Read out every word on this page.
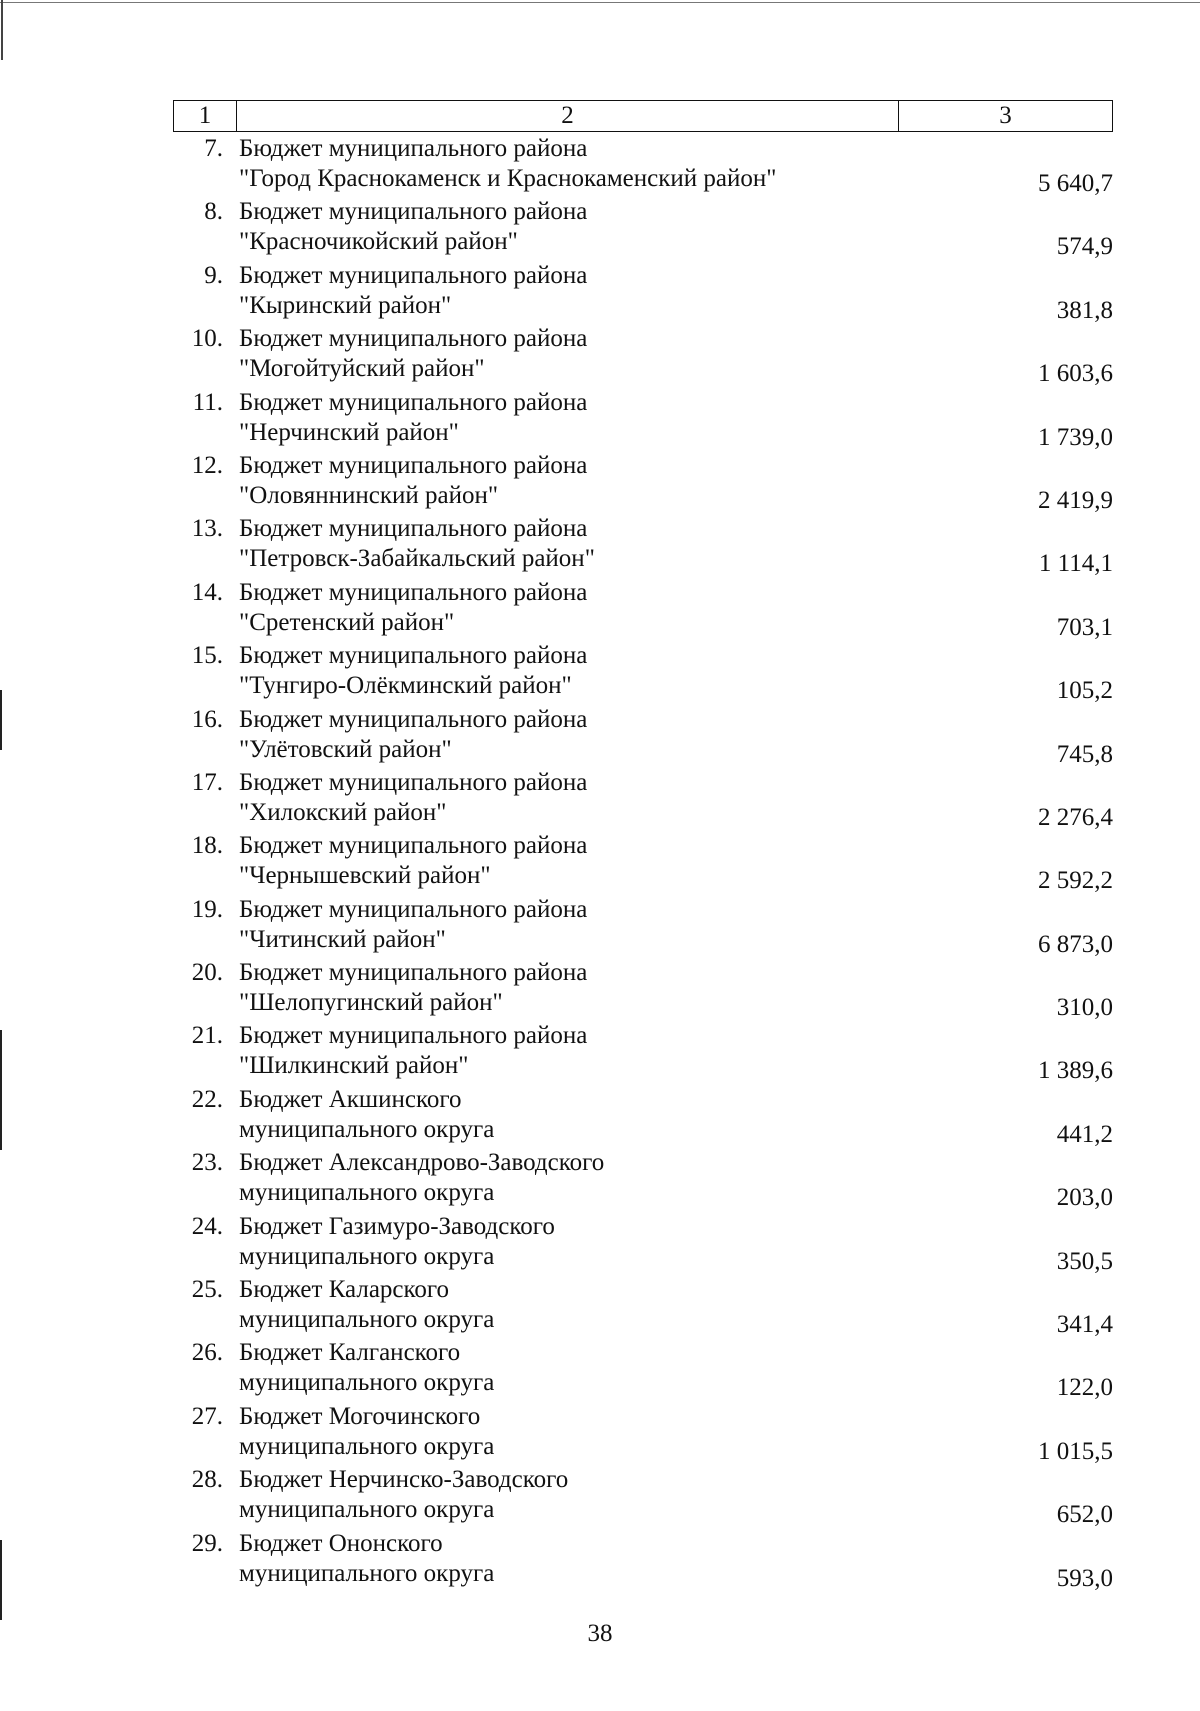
1	2	3
7. Бюджет муниципального района
"Город Краснокаменск и Краснокаменский район"	5 640,7
8. Бюджет муниципального района
"Красночикойский район"	574,9
9. Бюджет муниципального района
"Кыринский район"	381,8
10. Бюджет муниципального района
"Могойтуйский район"	1 603,6
11. Бюджет муниципального района
"Нерчинский район"	1 739,0
12. Бюджет муниципального района
"Оловяннинский район"	2 419,9
13. Бюджет муниципального района
"Петровск-Забайкальский район"	1 114,1
14. Бюджет муниципального района
"Сретенский район"	703,1
15. Бюджет муниципального района
"Тунгиро-Олёкминский район"	105,2
16. Бюджет муниципального района
"Улётовский район"	745,8
17. Бюджет муниципального района
"Хилокский район"	2 276,4
18. Бюджет муниципального района
"Чернышевский район"	2 592,2
19. Бюджет муниципального района
"Читинский район"	6 873,0
20. Бюджет муниципального района
"Шелопугинский район"	310,0
21. Бюджет муниципального района
"Шилкинский район"	1 389,6
22. Бюджет Акшинского
муниципального округа	441,2
23. Бюджет Александрово-Заводского
муниципального округа	203,0
24. Бюджет Газимуро-Заводского
муниципального округа	350,5
25. Бюджет Каларского
муниципального округа	341,4
26. Бюджет Калганского
муниципального округа	122,0
27. Бюджет Могочинского
муниципального округа	1 015,5
28. Бюджет Нерчинско-Заводского
муниципального округа	652,0
29. Бюджет Ононского
муниципального округа	593,0
38
